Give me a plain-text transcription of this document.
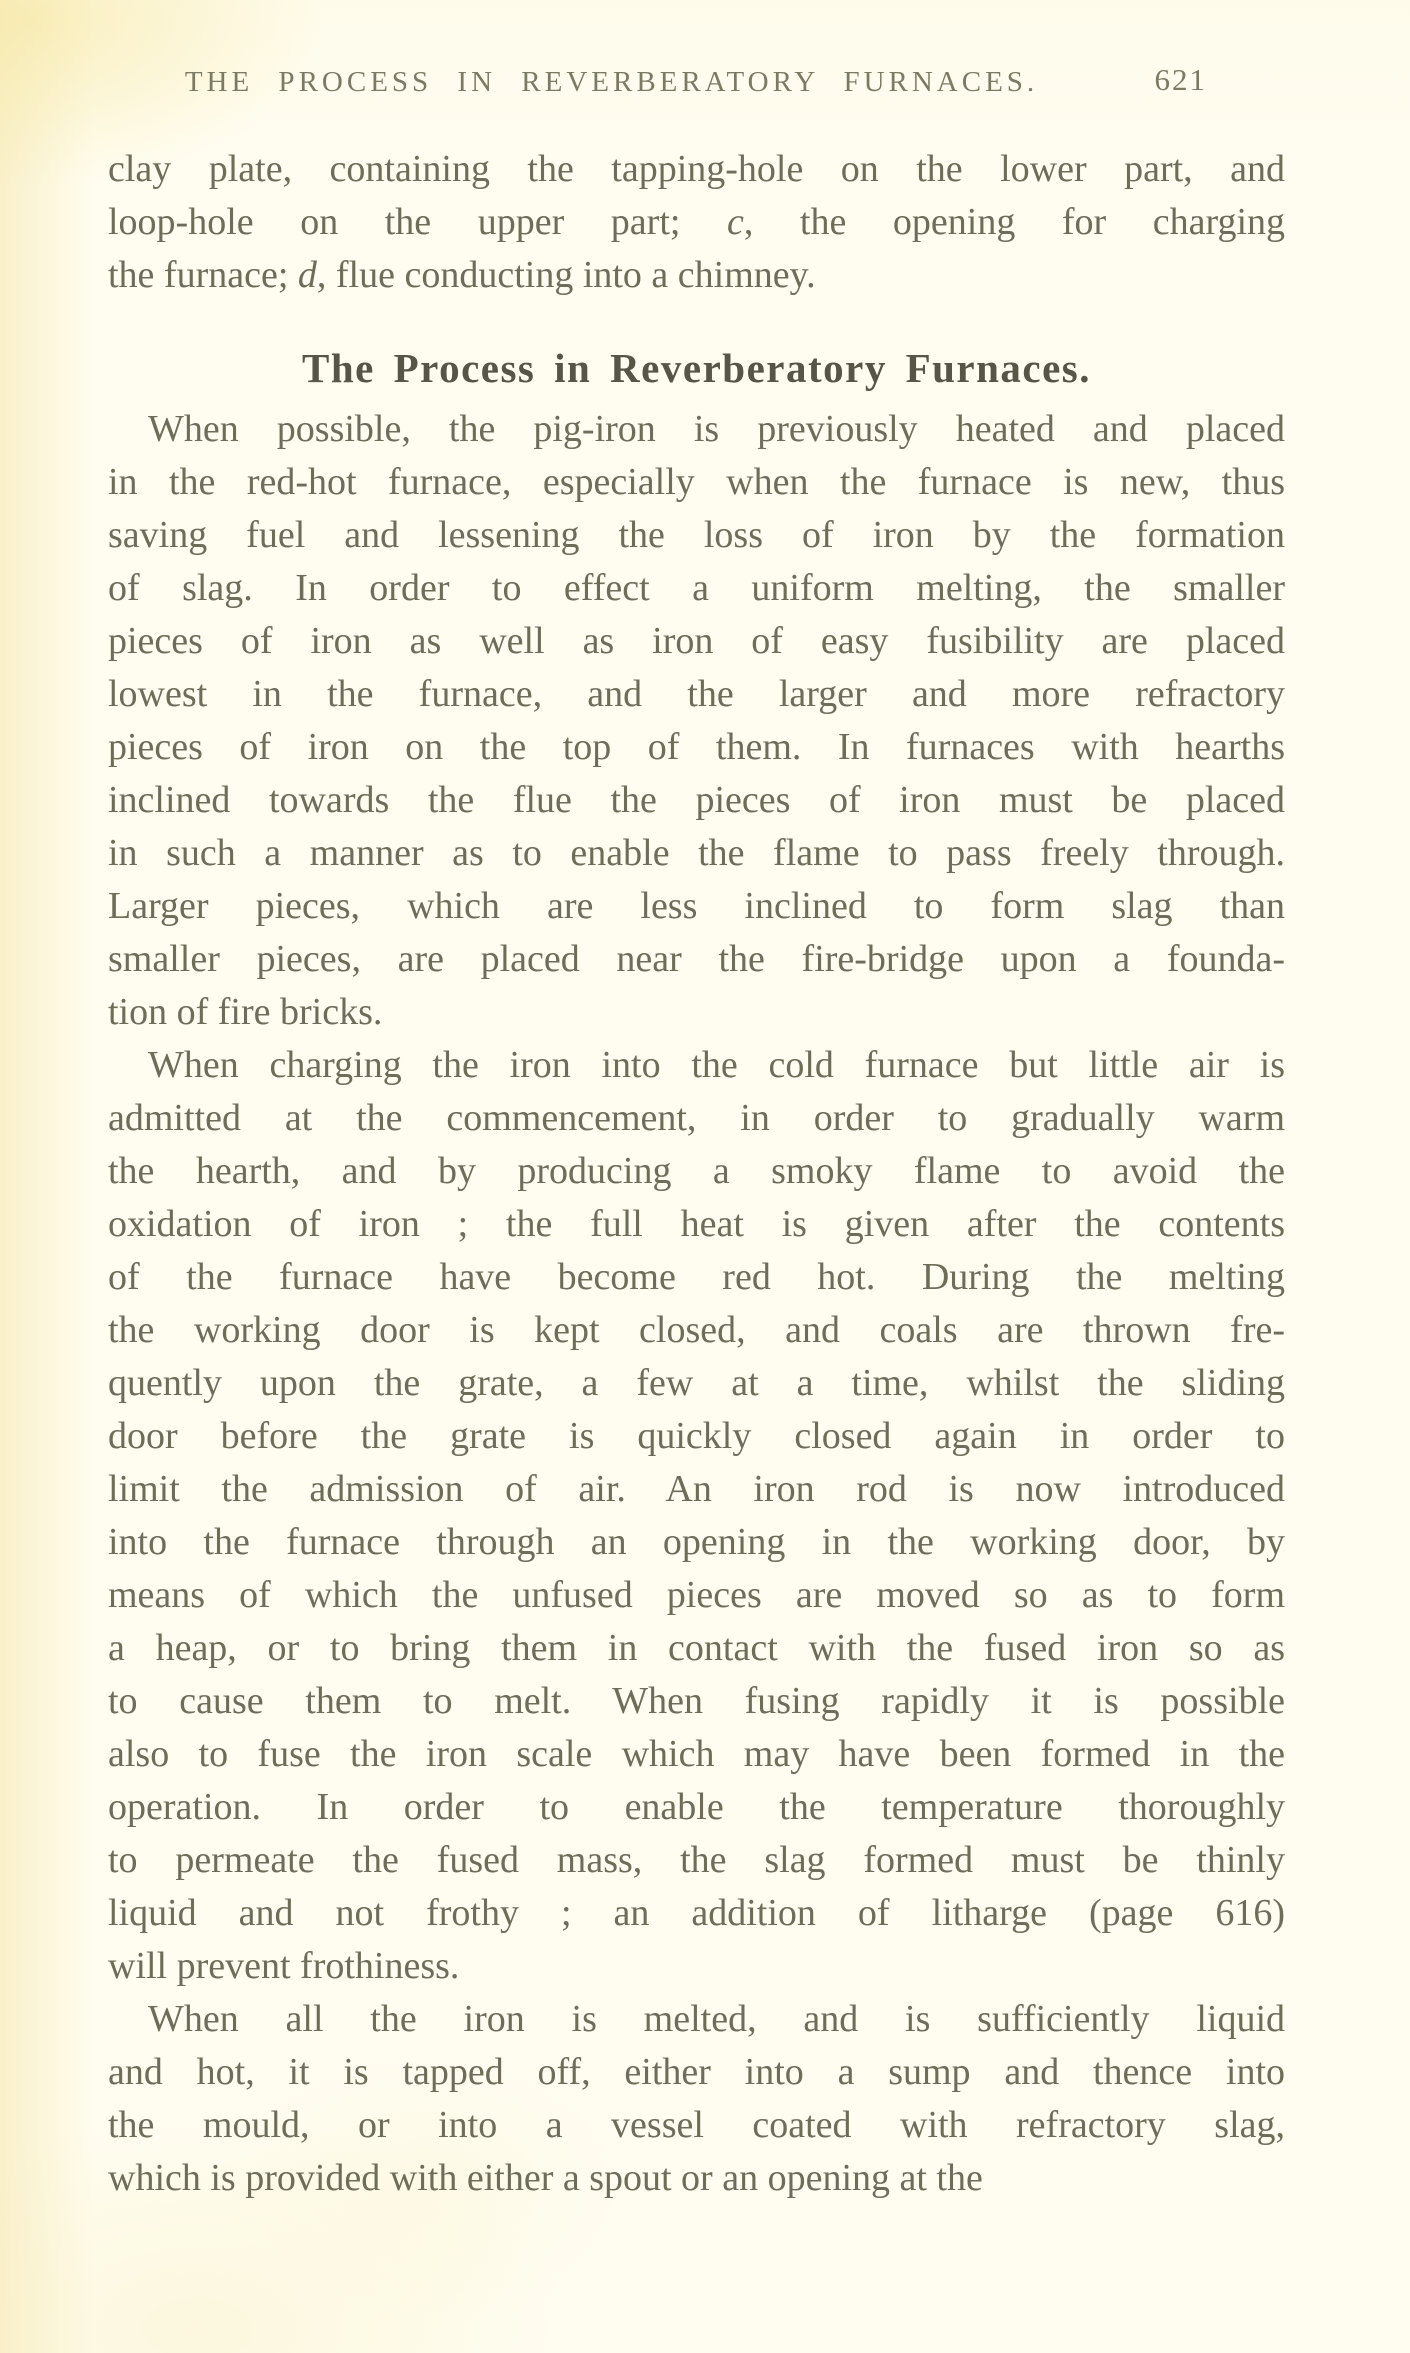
THE PROCESS IN REVERBERATORY FURNACES.	621
clay plate, containing the tapping-hole on the lower part, and
loop-hole on the upper part; c, the opening for charging
the furnace; d, flue conducting into a chimney.
The Process in Reverberatory Furnaces.
When possible, the pig-iron is previously heated and placed
in the red-hot furnace, especially when the furnace is new, thus
saving fuel and lessening the loss of iron by the formation
of slag. In order to effect a uniform melting, the smaller
pieces of iron as well as iron of easy fusibility are placed
lowest in the furnace, and the larger and more refractory
pieces of iron on the top of them. In furnaces with hearths
inclined towards the flue the pieces of iron must be placed
in such a manner as to enable the flame to pass freely through.
Larger pieces, which are less inclined to form slag than
smaller pieces, are placed near the fire-bridge upon a founda-
tion of fire bricks.
When charging the iron into the cold furnace but little air is
admitted at the commencement, in order to gradually warm
the hearth, and by producing a smoky flame to avoid the
oxidation of iron ; the full heat is given after the contents
of the furnace have become red hot. During the melting
the working door is kept closed, and coals are thrown fre-
quently upon the grate, a few at a time, whilst the sliding
door before the grate is quickly closed again in order to
limit the admission of air. An iron rod is now introduced
into the furnace through an opening in the working door, by
means of which the unfused pieces are moved so as to form
a heap, or to bring them in contact with the fused iron so as
to cause them to melt. When fusing rapidly it is possible
also to fuse the iron scale which may have been formed in the
operation. In order to enable the temperature thoroughly
to permeate the fused mass, the slag formed must be thinly
liquid and not frothy ; an addition of litharge (page 616)
will prevent frothiness.
When all the iron is melted, and is sufficiently liquid
and hot, it is tapped off, either into a sump and thence into
the mould, or into a vessel coated with refractory slag,
which is provided with either a spout or an opening at the
